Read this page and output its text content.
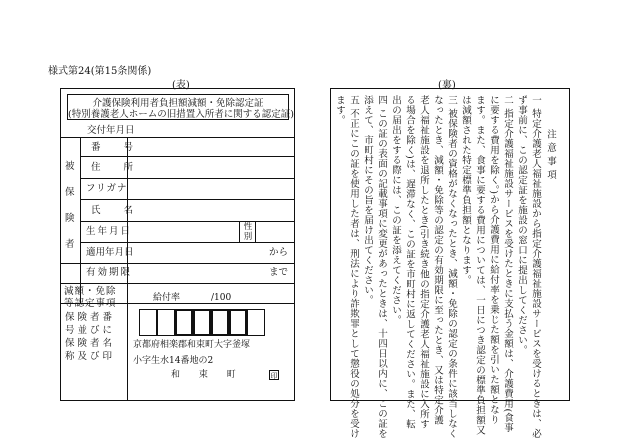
様式第24(第15条関係)
(表)	(裏)
介護保険利用者負担額減額・免除認定証
(特別養護老人ホームの旧措置入所者に関する認定証)
交付年月日
被
保
険
者
番 号
住 所
フリガナ
氏 名
生年月日	性別
適用年月日	から
有効期限	まで
減額・免除等認定事項	給付率	/100
保険者番号並びに保険者名称及び印
京都府相楽郡和束町大字釜塚
小字生水14番地の2
和 束 町	印
注 意 事 項
一 特定介護老人福祉施設から指定介護福祉施設サービスを受けるときは、必
ず事前に、この認定証を施設の窓口に提出してください。
二 指定介護福祉施設サービスを受けたときに支払う金額は、介護費用(食事
に要する費用を除く。)から介護費用に給付率を乗じた額を引いた額となり
ます。また、食事に要する費用については、一日につき認定の標準負担額又
は減額された特定標準負担額となります。
三 被保険者の資格がなくなったとき、減額・免除の認定の条件に該当しなく
なったとき、減額・免除等の認定の有効期限に至ったとき、又は特定介護
老人福祉施設を退所したとき(引き続き他の指定介護老人福祉施設に入所す
る場合を除く)は、遅滞なく、この証を市町村に返してください。また、転
出の届出をする際には、この証を添えてください。
四 この証の表面の記載事項に変更があったときは、十四日以内に、この証を
添えて、市町村にその旨を届け出てください。
五 不正にこの証を使用した者は、刑法により詐欺罪として懲役の処分を受け
ます。
